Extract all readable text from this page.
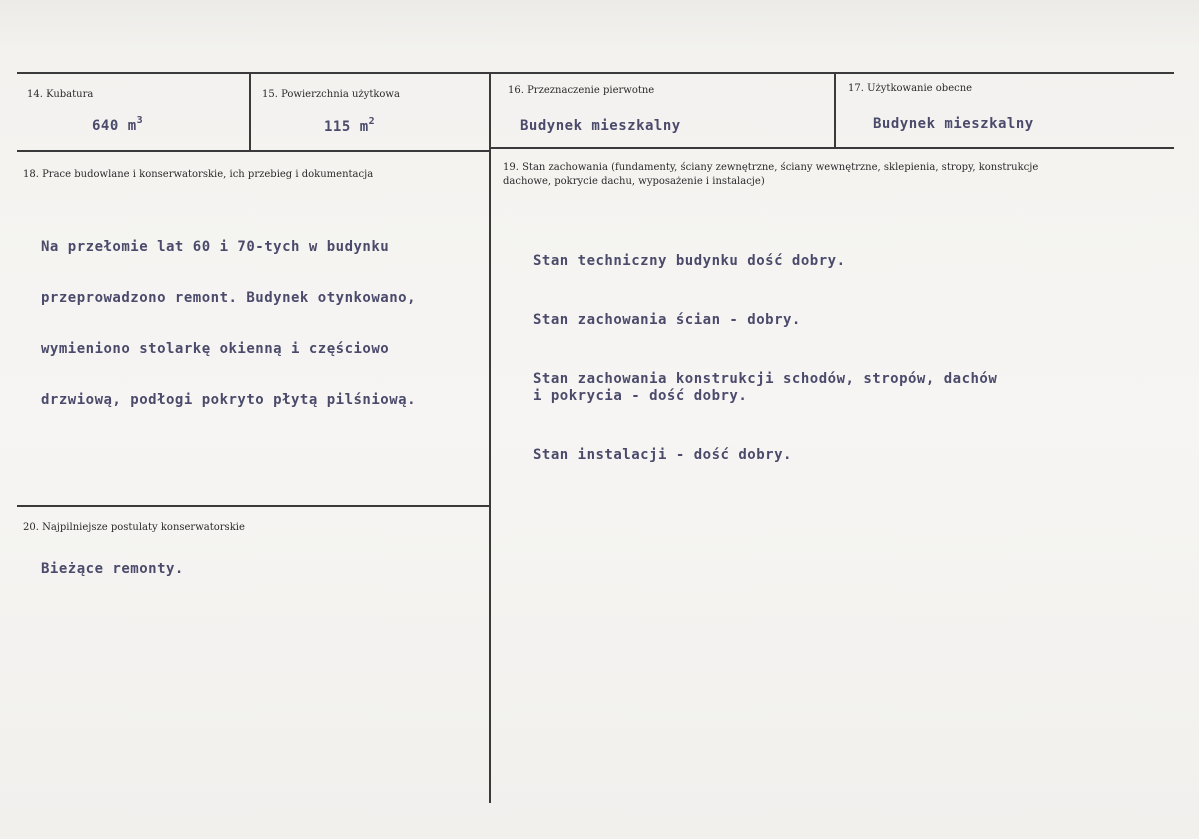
14. Kubatura
640 $m^3$
15. Powierzchnia użytkowa
115 $m^2$
16. Przeznaczenie pierwotne
Budynek mieszkalny
17. Użytkowanie obecne
Budynek mieszkalny
18. Prace budowlane i konserwatorskie, ich przebieg i dokumentacja

Na przełomie lat 60 i 70-tych w budynku

przeprowadzono remont. Budynek otynkowano,

wymieniono stolarkę okienną i częściowo

drzwiową, podłogi pokryto płytą pilśniową.

19. Stan zachowania (fundamenty, ściany zewnętrzne, ściany wewnętrzne, sklepienia, stropy, konstrukcje dachowe, pokrycie dachu, wyposażenie i instalacje)

Stan techniczny budynku dość dobry.

Stan zachowania ścian - dobry.

Stan zachowania konstrukcji schodów, stropów, dachów
i pokrycia - dość dobry.

Stan instalacji - dość dobry.

20. Najpilniejsze postulaty konserwatorskie
Bieżące remonty.
